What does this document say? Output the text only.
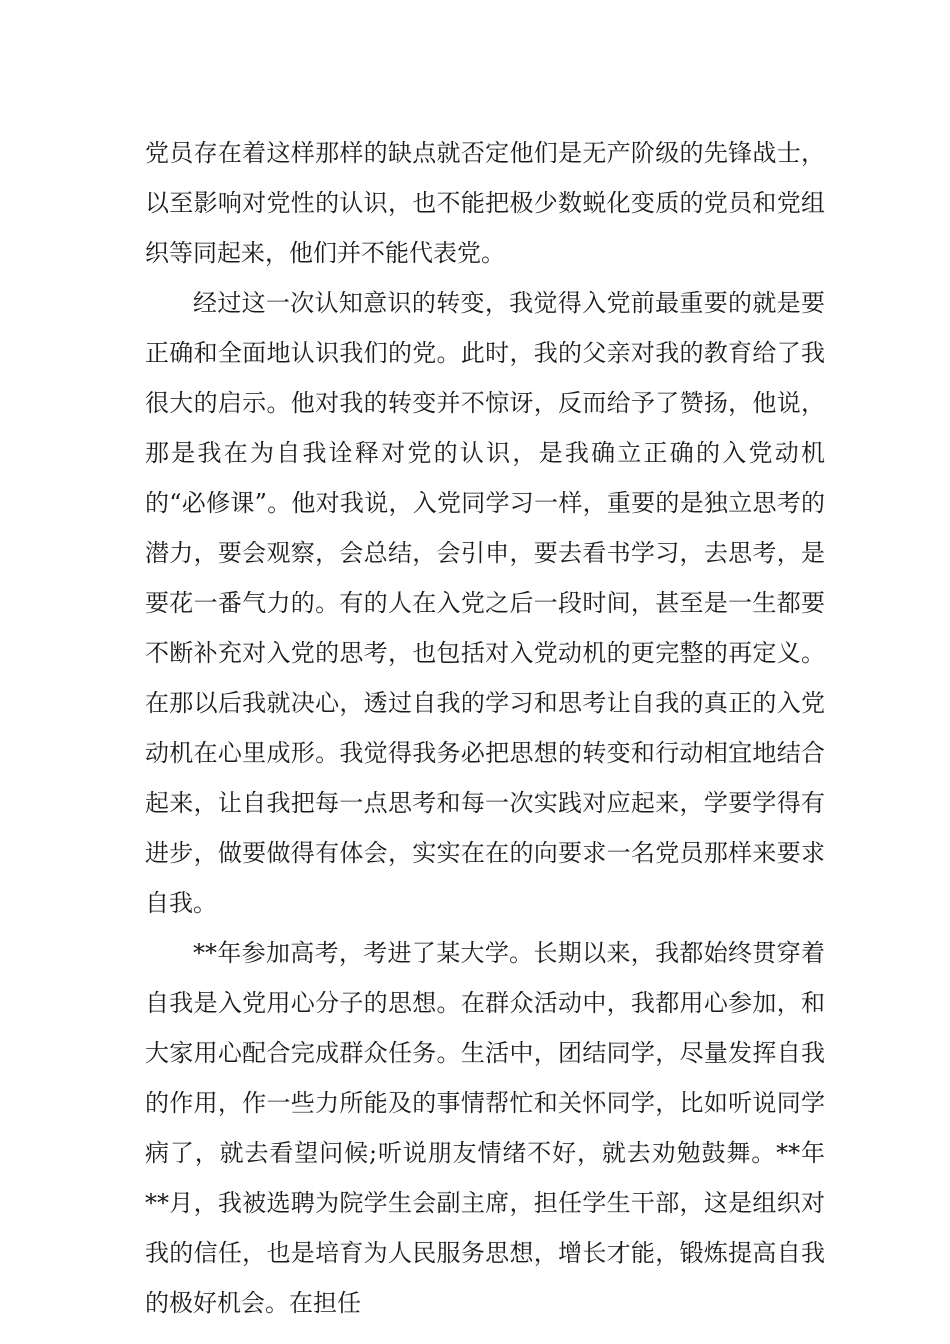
党员存在着这样那样的缺点就否定他们是无产阶级的先锋战士，以至影响对党性的认识，也不能把极少数蜕化变质的党员和党组织等同起来，他们并不能代表党。

经过这一次认知意识的转变，我觉得入党前最重要的就是要正确和全面地认识我们的党。此时，我的父亲对我的教育给了我很大的启示。他对我的转变并不惊讶，反而给予了赞扬，他说，那是我在为自我诠释对党的认识，是我确立正确的入党动机的“必修课”。他对我说，入党同学习一样，重要的是独立思考的潜力，要会观察，会总结，会引申，要去看书学习，去思考，是要花一番气力的。有的人在入党之后一段时间，甚至是一生都要不断补充对入党的思考，也包括对入党动机的更完整的再定义。在那以后我就决心，透过自我的学习和思考让自我的真正的入党动机在心里成形。我觉得我务必把思想的转变和行动相宜地结合起来，让自我把每一点思考和每一次实践对应起来，学要学得有进步，做要做得有体会，实实在在的向要求一名党员那样来要求自我。

**年参加高考，考进了某大学。长期以来，我都始终贯穿着自我是入党用心分子的思想。在群众活动中，我都用心参加，和大家用心配合完成群众任务。生活中，团结同学，尽量发挥自我的作用，作一些力所能及的事情帮忙和关怀同学，比如听说同学病了，就去看望问候;听说朋友情绪不好，就去劝勉鼓舞。**年**月，我被选聘为院学生会副主席，担任学生干部，这是组织对我的信任，也是培育为人民服务思想，增长才能，锻炼提高自我的极好机会。在担任
